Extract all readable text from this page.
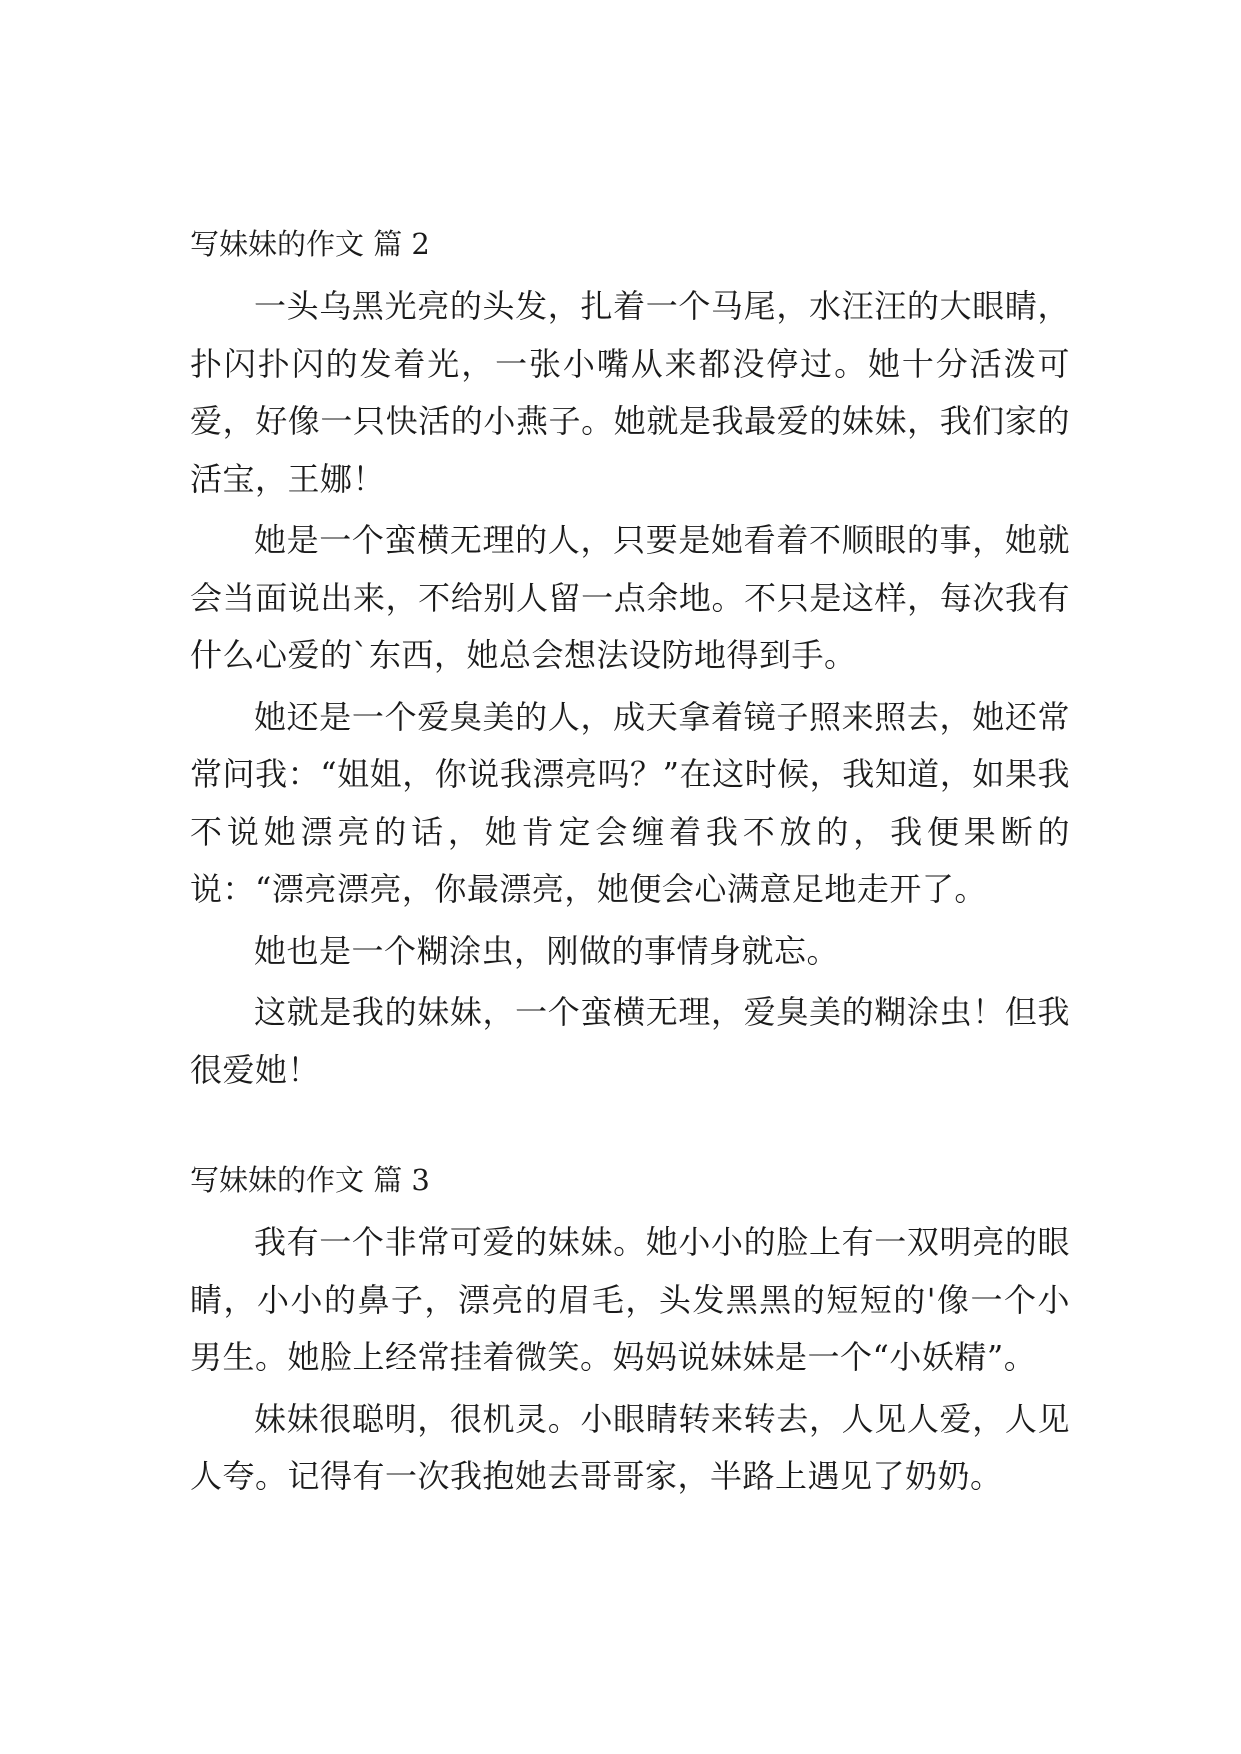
写妹妹的作文 篇 2

一头乌黑光亮的头发，扎着一个马尾，水汪汪的大眼睛，扑闪扑闪的发着光，一张小嘴从来都没停过。她十分活泼可爱，好像一只快活的小燕子。她就是我最爱的妹妹，我们家的活宝，王娜！

她是一个蛮横无理的人，只要是她看着不顺眼的事，她就会当面说出来，不给别人留一点余地。不只是这样，每次我有什么心爱的`东西，她总会想法设防地得到手。

她还是一个爱臭美的人，成天拿着镜子照来照去，她还常常问我：“姐姐，你说我漂亮吗？”在这时候，我知道，如果我不说她漂亮的话，她肯定会缠着我不放的，我便果断的说：“漂亮漂亮，你最漂亮，她便会心满意足地走开了。

她也是一个糊涂虫，刚做的事情身就忘。

这就是我的妹妹，一个蛮横无理，爱臭美的糊涂虫！但我很爱她！

写妹妹的作文 篇 3

我有一个非常可爱的妹妹。她小小的脸上有一双明亮的眼睛，小小的鼻子，漂亮的眉毛，头发黑黑的短短的'像一个小男生。她脸上经常挂着微笑。妈妈说妹妹是一个“小妖精”。

妹妹很聪明，很机灵。小眼睛转来转去，人见人爱，人见人夸。记得有一次我抱她去哥哥家，半路上遇见了奶奶。
